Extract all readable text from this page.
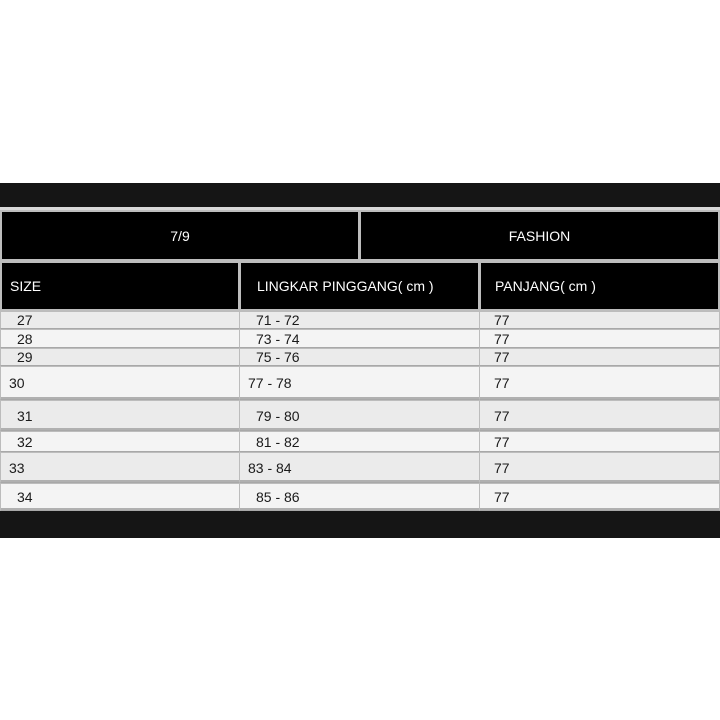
7/9	FASHION
SIZE	LINGKAR PINGGANG( cm )	PANJANG( cm )
27	71 - 72	77
28	73 - 74	77
29	75 - 76	77
30	77 - 78	77
31	79 - 80	77
32	81 - 82	77
33	83 - 84	77
34	85 - 86	77
